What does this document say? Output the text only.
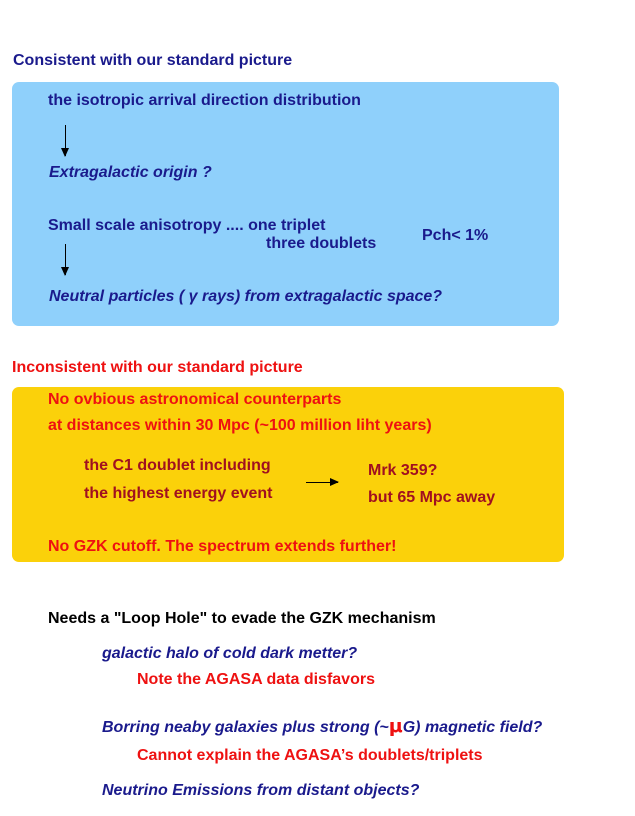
Consistent with our standard picture
the isotropic arrival direction distribution
Extragalactic origin ?
Small scale anisotropy .... one triplet
three doublets	Pch< 1%
Neutral particles ( γ rays) from extragalactic space?
Inconsistent with our standard picture
No ovbious astronomical counterparts
at distances within 30 Mpc (~100 million liht years)
the C1 doublet including
the highest energy event
Mrk 359?
but 65 Mpc away
No GZK cutoff. The spectrum extends further!
Needs a "Loop Hole" to evade the GZK mechanism
galactic halo of cold dark metter?
Note the AGASA data disfavors
Borring neaby galaxies plus strong (~μG) magnetic field?
Cannot explain the AGASA’s doublets/triplets
Neutrino Emissions from distant objects?
